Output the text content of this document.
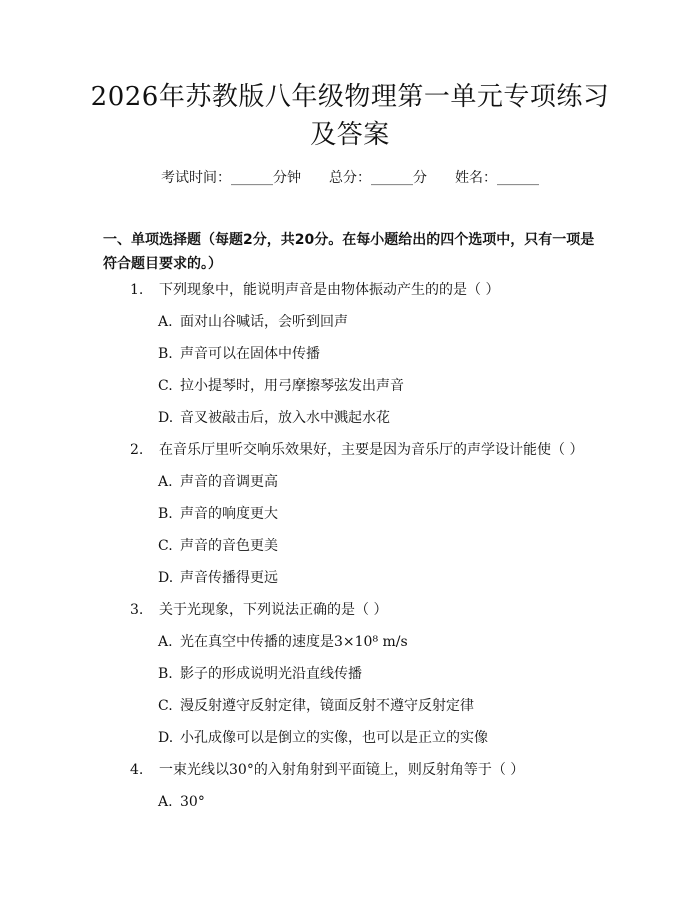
2026年苏教版八年级物理第一单元专项练习
及答案
考试时间：______分钟 总分：______分 姓名：______
一、单项选择题（每题2分，共20分。在每小题给出的四个选项中，只有一项是符合题目要求的。）
1. 下列现象中，能说明声音是由物体振动产生的的是（ ）
A. 面对山谷喊话，会听到回声
B. 声音可以在固体中传播
C. 拉小提琴时，用弓摩擦琴弦发出声音
D. 音叉被敲击后，放入水中溅起水花
2. 在音乐厅里听交响乐效果好，主要是因为音乐厅的声学设计能使（ ）
A. 声音的音调更高
B. 声音的响度更大
C. 声音的音色更美
D. 声音传播得更远
3. 关于光现象，下列说法正确的是（ ）
A. 光在真空中传播的速度是3×10⁸ m/s
B. 影子的形成说明光沿直线传播
C. 漫反射遵守反射定律，镜面反射不遵守反射定律
D. 小孔成像可以是倒立的实像，也可以是正立的实像
4. 一束光线以30°的入射角射到平面镜上，则反射角等于（ ）
A. 30°
